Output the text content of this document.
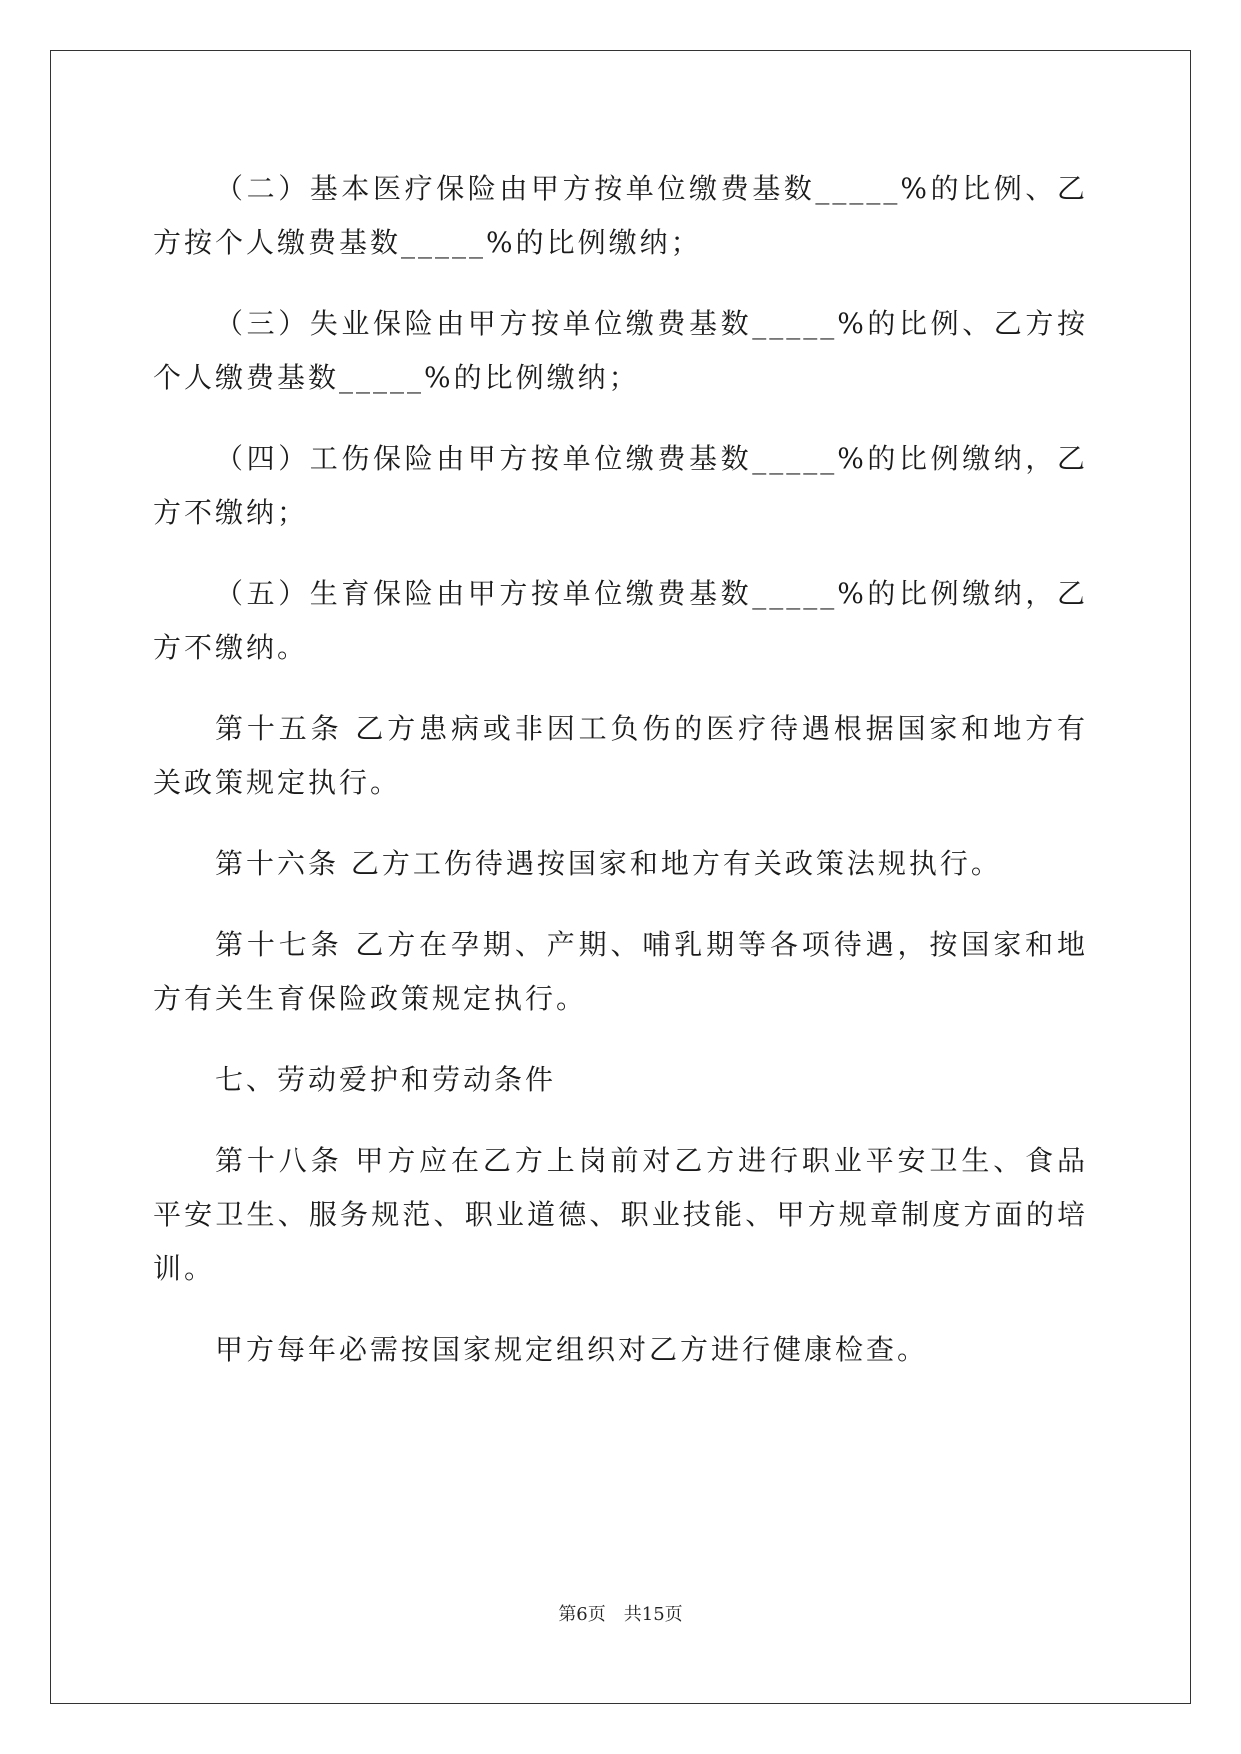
（二）基本医疗保险由甲方按单位缴费基数_____%的比例、乙方按个人缴费基数_____%的比例缴纳；

（三）失业保险由甲方按单位缴费基数_____%的比例、乙方按个人缴费基数_____%的比例缴纳；

（四）工伤保险由甲方按单位缴费基数_____%的比例缴纳，乙方不缴纳；

（五）生育保险由甲方按单位缴费基数_____%的比例缴纳，乙方不缴纳。

第十五条 乙方患病或非因工负伤的医疗待遇根据国家和地方有关政策规定执行。

第十六条 乙方工伤待遇按国家和地方有关政策法规执行。

第十七条 乙方在孕期、产期、哺乳期等各项待遇，按国家和地方有关生育保险政策规定执行。

七、劳动爱护和劳动条件

第十八条 甲方应在乙方上岗前对乙方进行职业平安卫生、食品平安卫生、服务规范、职业道德、职业技能、甲方规章制度方面的培训。

甲方每年必需按国家规定组织对乙方进行健康检查。

第6页 共15页
